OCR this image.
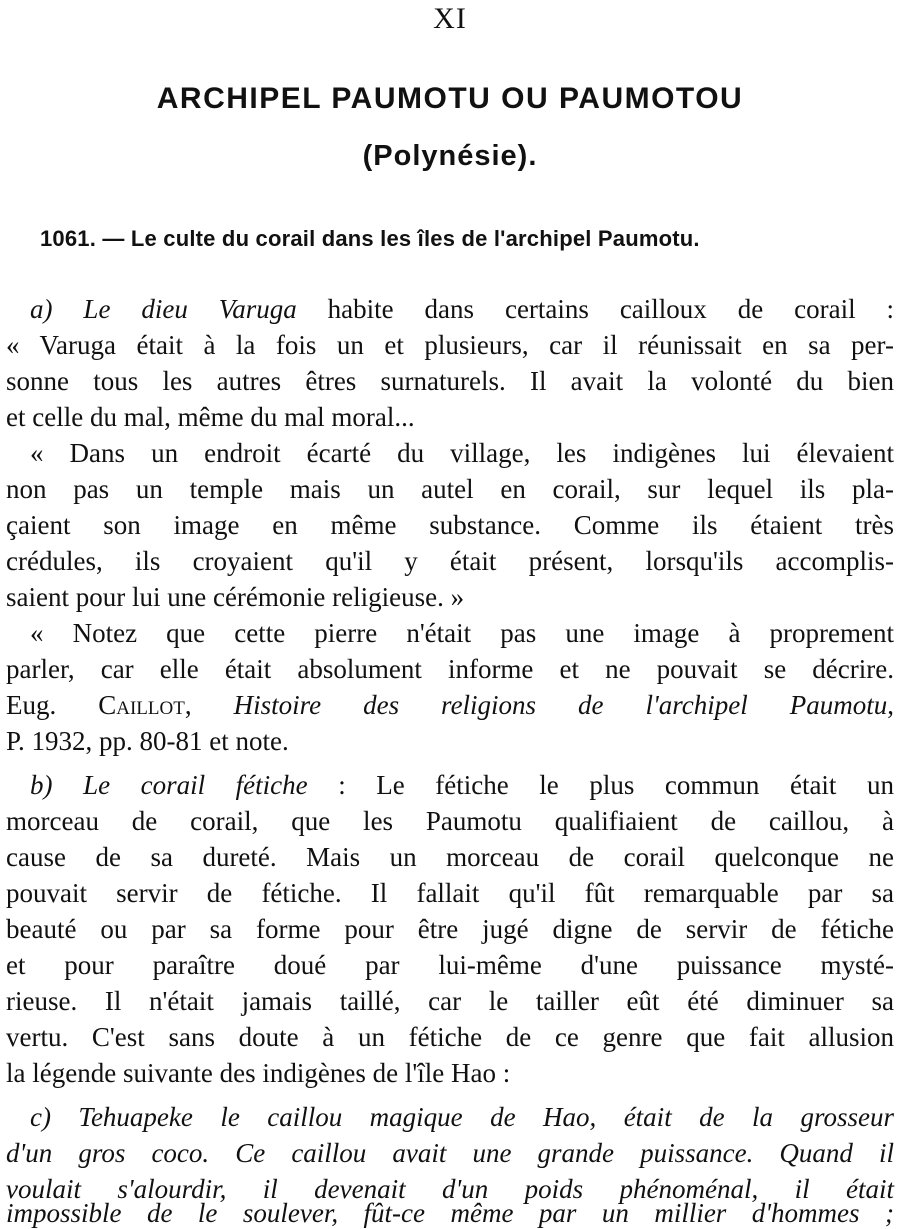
XI
ARCHIPEL PAUMOTU OU PAUMOTOU
(Polynésie).
1061. — Le culte du corail dans les îles de l'archipel Paumotu.
a) Le dieu Varuga habite dans certains cailloux de corail :
« Varuga était à la fois un et plusieurs, car il réunissait en sa per-
sonne tous les autres êtres surnaturels. Il avait la volonté du bien
et celle du mal, même du mal moral...
« Dans un endroit écarté du village, les indigènes lui élevaient
non pas un temple mais un autel en corail, sur lequel ils pla-
çaient son image en même substance. Comme ils étaient très
crédules, ils croyaient qu'il y était présent, lorsqu'ils accomplis-
saient pour lui une cérémonie religieuse. »
« Notez que cette pierre n'était pas une image à proprement
parler, car elle était absolument informe et ne pouvait se décrire.
Eug. Caillot, Histoire des religions de l'archipel Paumotu,
P. 1932, pp. 80-81 et note.
b) Le corail fétiche : Le fétiche le plus commun était un
morceau de corail, que les Paumotu qualifiaient de caillou, à
cause de sa dureté. Mais un morceau de corail quelconque ne
pouvait servir de fétiche. Il fallait qu'il fût remarquable par sa
beauté ou par sa forme pour être jugé digne de servir de fétiche
et pour paraître doué par lui-même d'une puissance mysté-
rieuse. Il n'était jamais taillé, car le tailler eût été diminuer sa
vertu. C'est sans doute à un fétiche de ce genre que fait allusion
la légende suivante des indigènes de l'île Hao :
c) Tehuapeke le caillou magique de Hao, était de la grosseur
d'un gros coco. Ce caillou avait une grande puissance. Quand il
voulait s'alourdir, il devenait d'un poids phénoménal, il était
impossible de le soulever, fût-ce même par un millier d'hommes ;
